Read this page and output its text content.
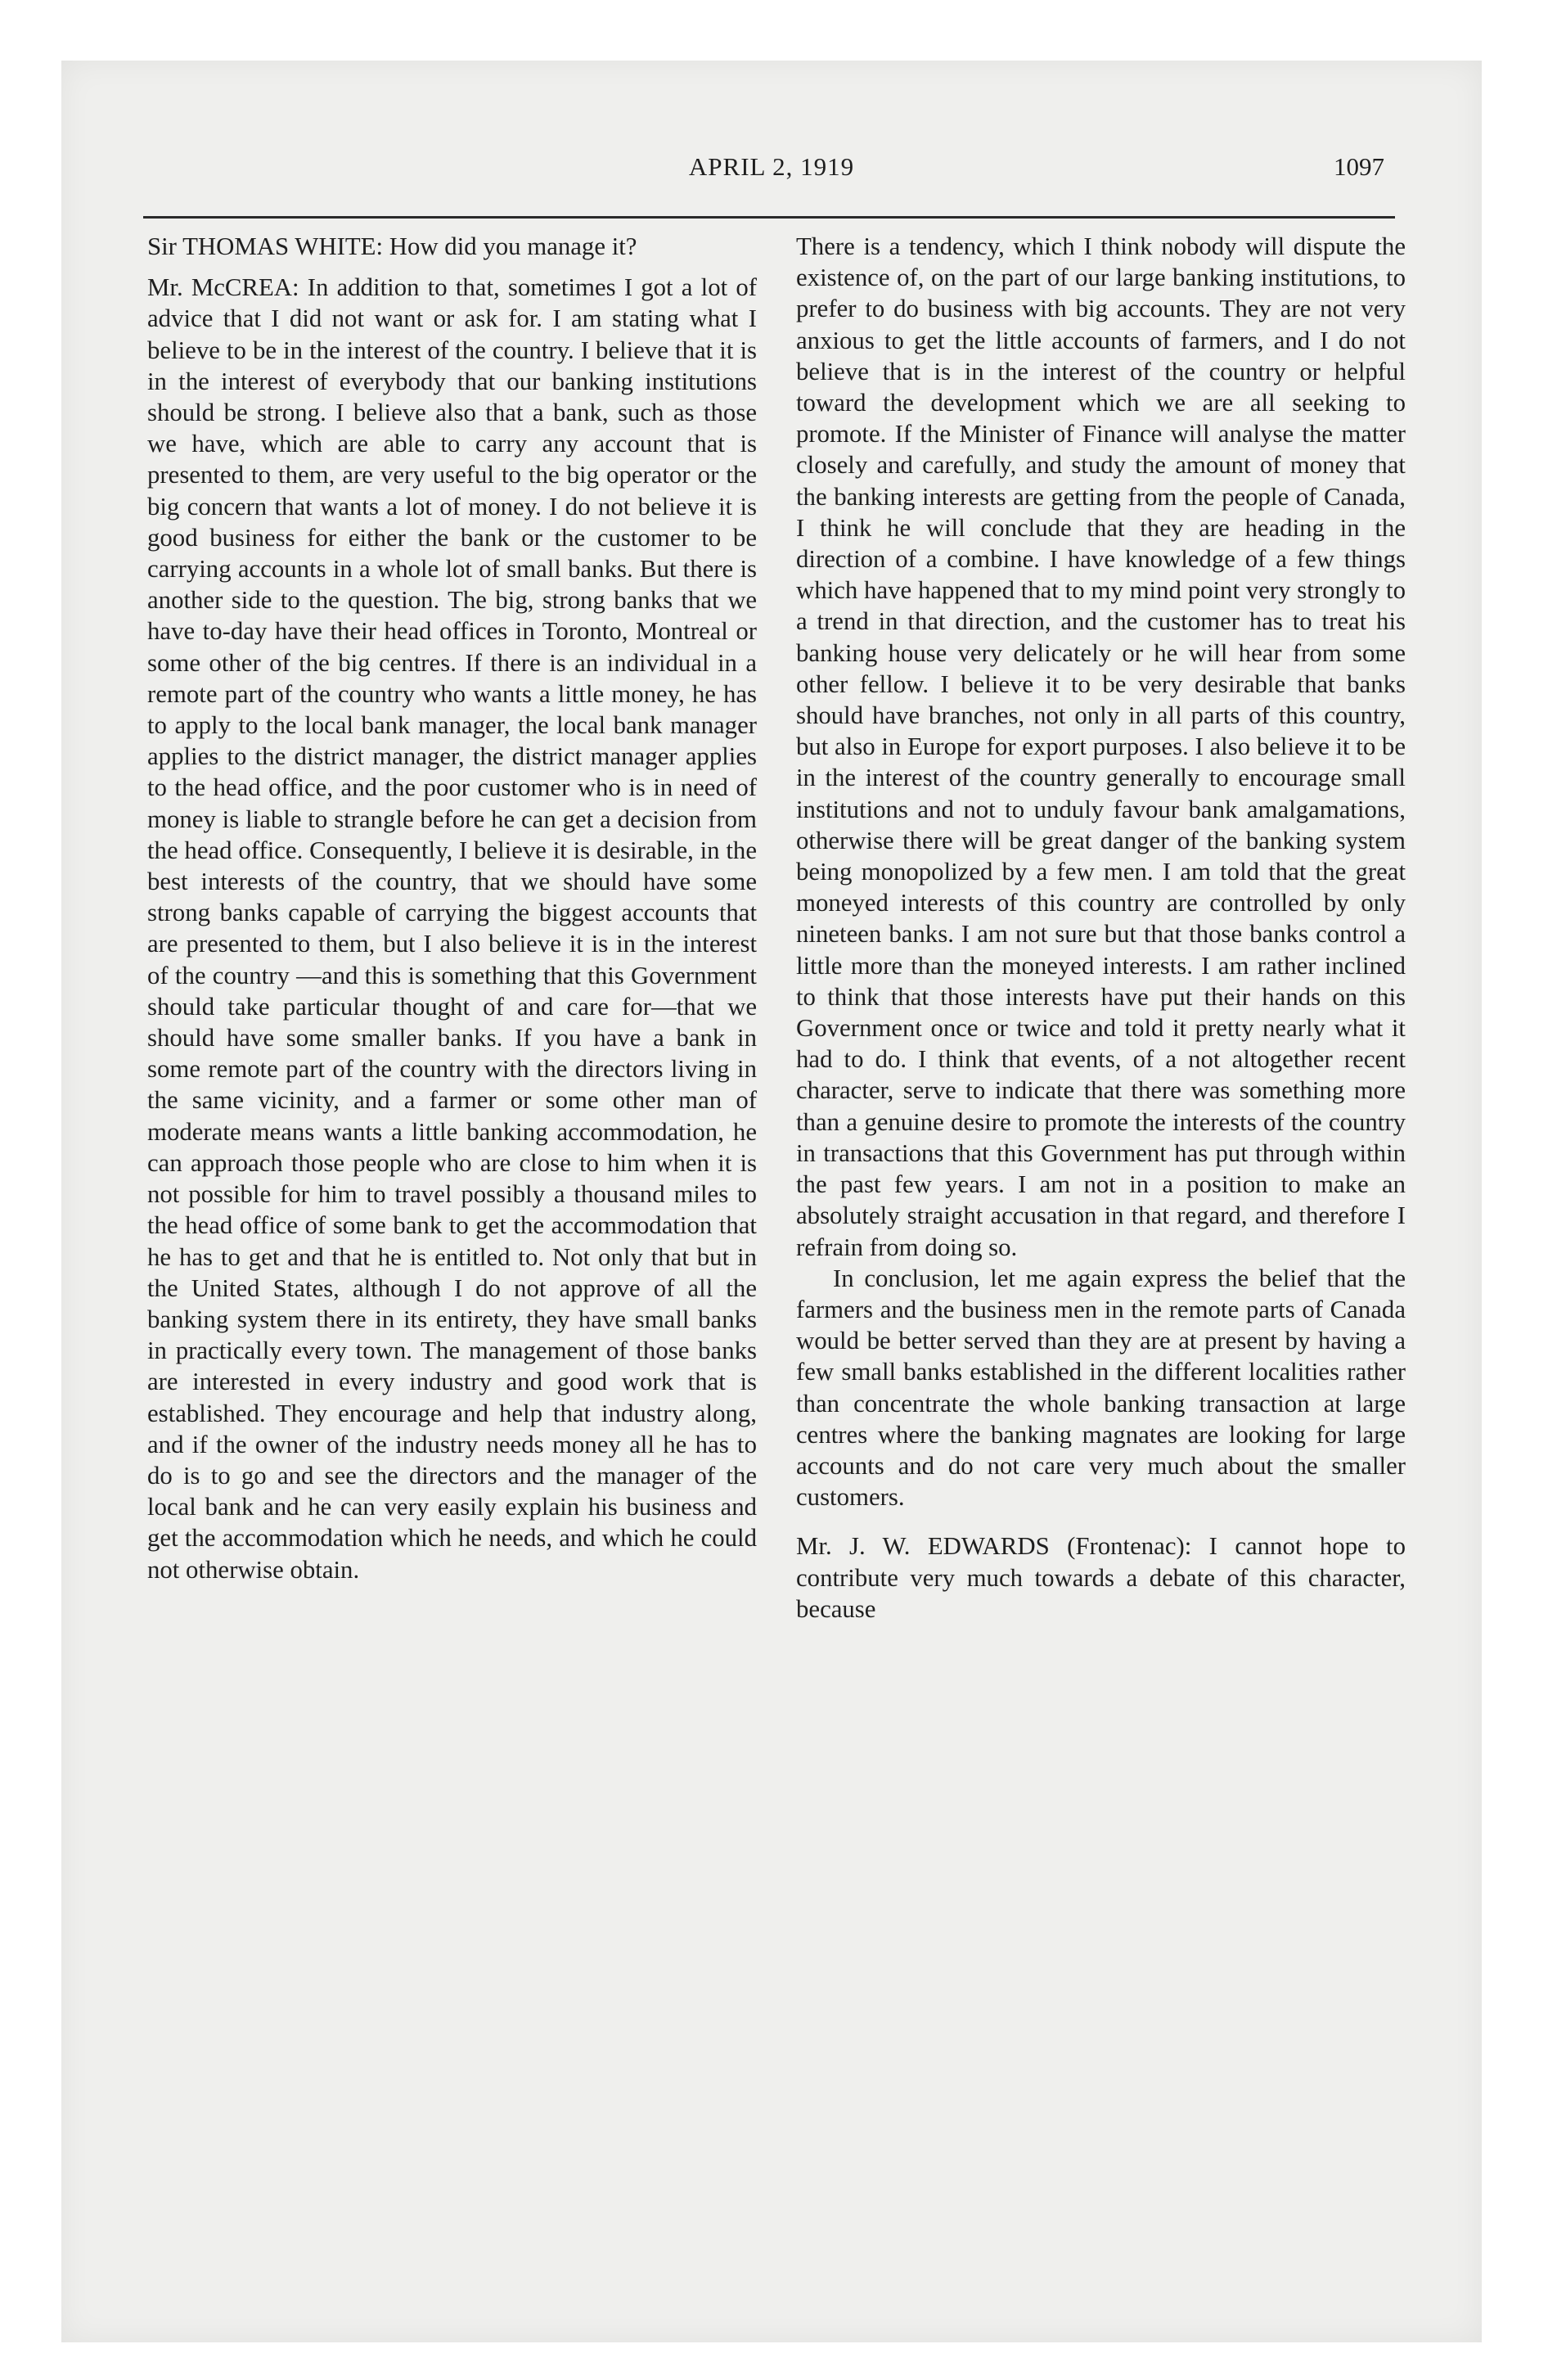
APRIL 2, 1919	1097

Sir THOMAS WHITE: How did you manage it?

Mr. McCREA: In addition to that, sometimes I got a lot of advice that I did not want or ask for. I am stating what I believe to be in the interest of the country. I believe that it is in the interest of everybody that our banking institutions should be strong. I believe also that a bank, such as those we have, which are able to carry any account that is presented to them, are very useful to the big operator or the big concern that wants a lot of money. I do not believe it is good business for either the bank or the customer to be carrying accounts in a whole lot of small banks. But there is another side to the question. The big, strong banks that we have to-day have their head offices in Toronto, Montreal or some other of the big centres. If there is an individual in a remote part of the country who wants a little money, he has to apply to the local bank manager, the local bank manager applies to the district manager, the district manager applies to the head office, and the poor customer who is in need of money is liable to strangle before he can get a decision from the head office. Consequently, I believe it is desirable, in the best interests of the country, that we should have some strong banks capable of carrying the biggest accounts that are presented to them, but I also believe it is in the interest of the country —and this is something that this Government should take particular thought of and care for—that we should have some smaller banks. If you have a bank in some remote part of the country with the directors living in the same vicinity, and a farmer or some other man of moderate means wants a little banking accommodation, he can approach those people who are close to him when it is not possible for him to travel possibly a thousand miles to the head office of some bank to get the accommodation that he has to get and that he is entitled to. Not only that but in the United States, although I do not approve of all the banking system there in its entirety, they have small banks in practically every town. The management of those banks are interested in every industry and good work that is established. They encourage and help that industry along, and if the owner of the industry needs money all he has to do is to go and see the directors and the manager of the local bank and he can very easily explain his business and get the accommodation which he needs, and which he could not otherwise obtain.

There is a tendency, which I think nobody will dispute the existence of, on the part of our large banking institutions, to prefer to do business with big accounts. They are not very anxious to get the little accounts of farmers, and I do not believe that is in the interest of the country or helpful toward the development which we are all seeking to promote. If the Minister of Finance will analyse the matter closely and carefully, and study the amount of money that the banking interests are getting from the people of Canada, I think he will conclude that they are heading in the direction of a combine. I have knowledge of a few things which have happened that to my mind point very strongly to a trend in that direction, and the customer has to treat his banking house very delicately or he will hear from some other fellow. I believe it to be very desirable that banks should have branches, not only in all parts of this country, but also in Europe for export purposes. I also believe it to be in the interest of the country generally to encourage small institutions and not to unduly favour bank amalgamations, otherwise there will be great danger of the banking system being monopolized by a few men. I am told that the great moneyed interests of this country are controlled by only nineteen banks. I am not sure but that those banks control a little more than the moneyed interests. I am rather inclined to think that those interests have put their hands on this Government once or twice and told it pretty nearly what it had to do. I think that events, of a not altogether recent character, serve to indicate that there was something more than a genuine desire to promote the interests of the country in transactions that this Government has put through within the past few years. I am not in a position to make an absolutely straight accusation in that regard, and therefore I refrain from doing so.

In conclusion, let me again express the belief that the farmers and the business men in the remote parts of Canada would be better served than they are at present by having a few small banks established in the different localities rather than concentrate the whole banking transaction at large centres where the banking magnates are looking for large accounts and do not care very much about the smaller customers.

Mr. J. W. EDWARDS (Frontenac): I cannot hope to contribute very much towards a debate of this character, because
